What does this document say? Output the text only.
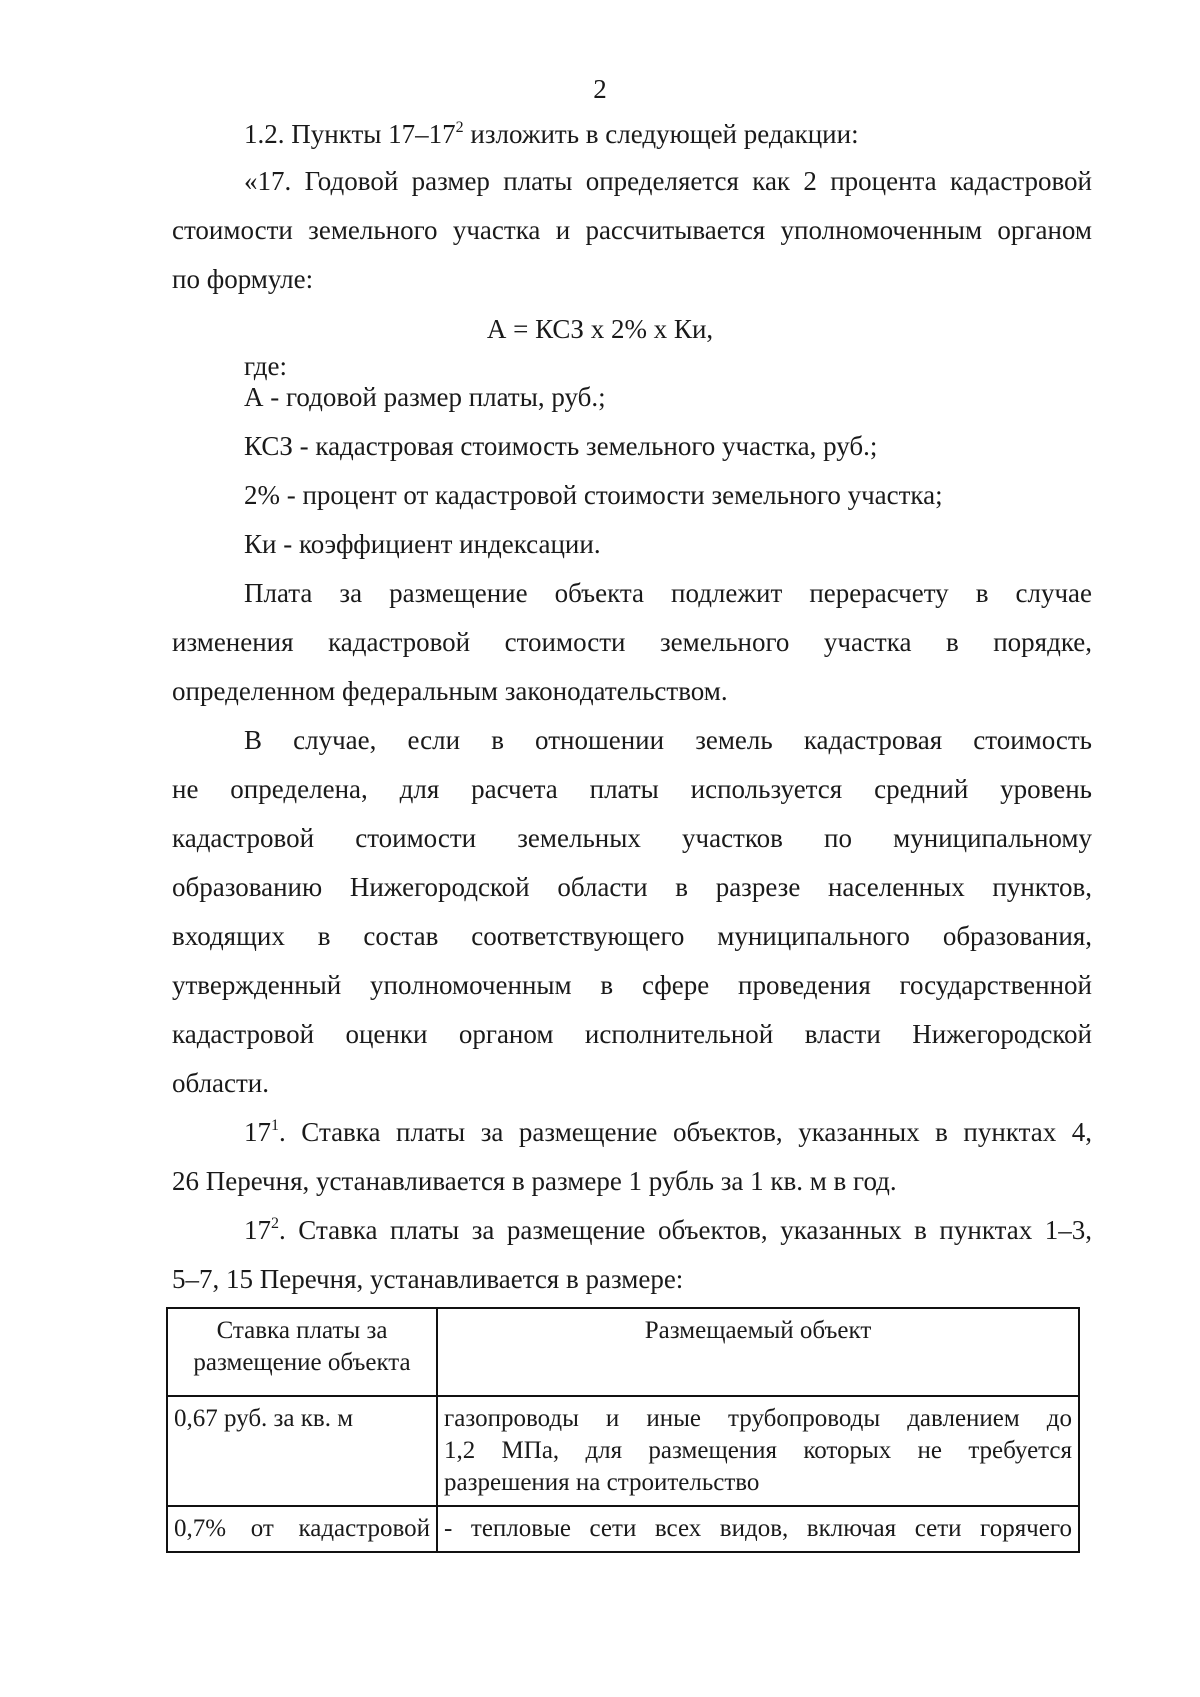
2
1.2. Пункты $17-17^2$ изложить в следующей редакции:
«17. Годовой размер платы определяется как 2 процента кадастровой
стоимости земельного участка и рассчитывается уполномоченным органом
по формуле:
А = КСЗ х 2% х Ки,
где:
А - годовой размер платы, руб.;
КСЗ - кадастровая стоимость земельного участка, руб.;
2% - процент от кадастровой стоимости земельного участка;
Ки - коэффициент индексации.
Плата за размещение объекта подлежит перерасчету в случае
изменения кадастровой стоимости земельного участка в порядке,
определенном федеральным законодательством.
В случае, если в отношении земель кадастровая стоимость
не определена, для расчета платы используется средний уровень
кадастровой стоимости земельных участков по муниципальному
образованию Нижегородской области в разрезе населенных пунктов,
входящих в состав соответствующего муниципального образования,
утвержденный уполномоченным в сфере проведения государственной
кадастровой оценки органом исполнительной власти Нижегородской
области.
$17^1$. Ставка платы за размещение объектов, указанных в пунктах 4,
26 Перечня, устанавливается в размере 1 рубль за 1 кв. м в год.
$17^2$. Ставка платы за размещение объектов, указанных в пунктах 1–3,
5–7, 15 Перечня, устанавливается в размере:
Ставка платы за размещение объекта	Размещаемый объект
0,67 руб. за кв. м	газопроводы и иные трубопроводы давлением до
1,2 МПа, для размещения которых не требуется
разрешения на строительство

0,7% от кадастровой	- тепловые сети всех видов, включая сети горячего
